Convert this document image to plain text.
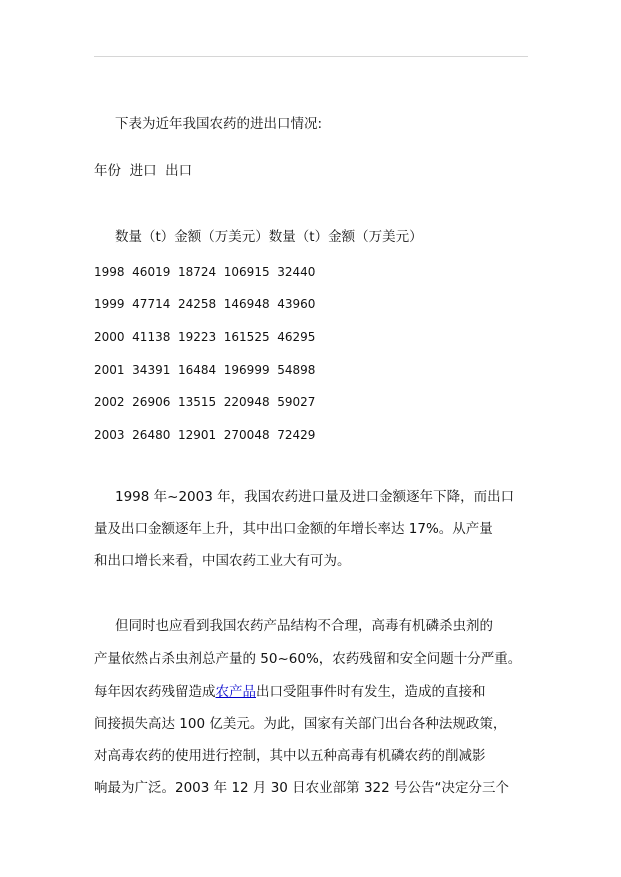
下表为近年我国农药的进出口情况:
年份  进口  出口
数量（t）金额（万美元）数量（t）金额（万美元）
1998  46019  18724  106915  32440
1999  47714  24258  146948  43960
2000  41138  19223  161525  46295
2001  34391  16484  196999  54898
2002  26906  13515  220948  59027
2003  26480  12901  270048  72429
1998 年~2003 年，我国农药进口量及进口金额逐年下降，而出口
量及出口金额逐年上升，其中出口金额的年增长率达 17%。从产量
和出口增长来看，中国农药工业大有可为。
但同时也应看到我国农药产品结构不合理，高毒有机磷杀虫剂的
产量依然占杀虫剂总产量的 50~60%，农药残留和安全问题十分严重。
每年因农药残留造成农产品出口受阻事件时有发生，造成的直接和
间接损失高达 100 亿美元。为此，国家有关部门出台各种法规政策，
对高毒农药的使用进行控制，其中以五种高毒有机磷农药的削减影
响最为广泛。2003 年 12 月 30 日农业部第 322 号公告“决定分三个
